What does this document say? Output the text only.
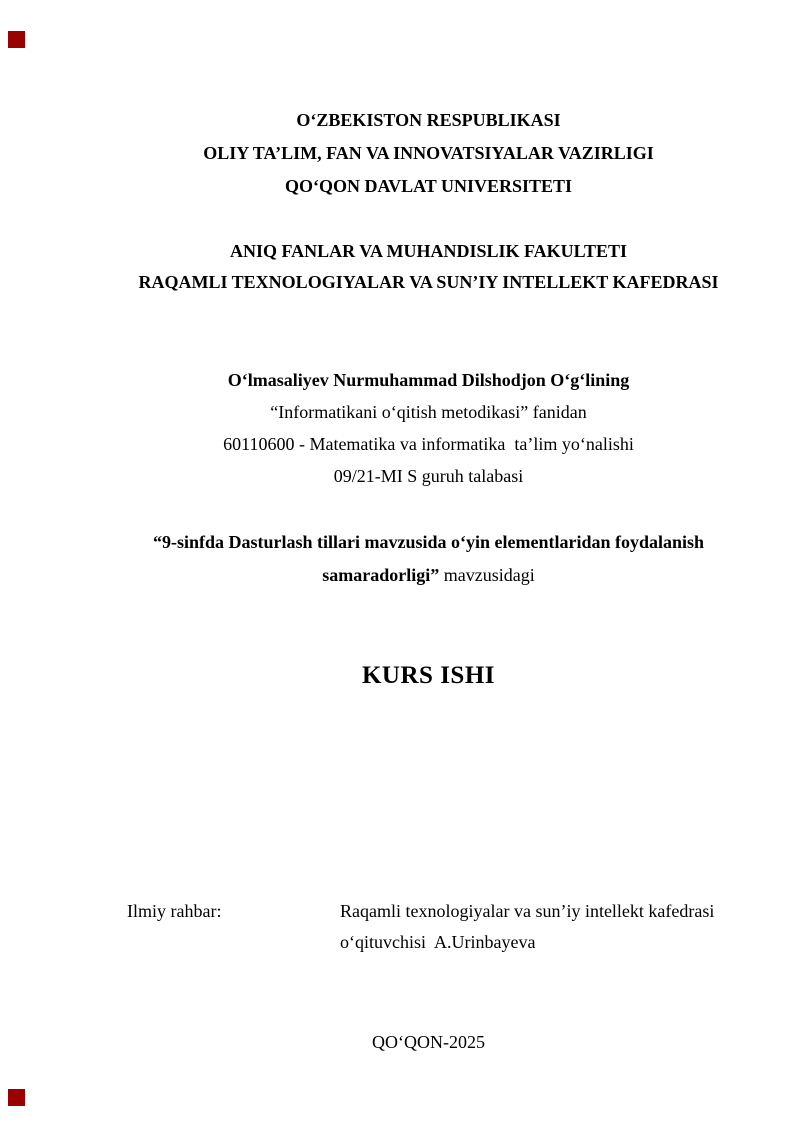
O‘ZBEKISTON RESPUBLIKASI
OLIY TA’LIM, FAN VA INNOVATSIYALAR VAZIRLIGI
QO‘QON DAVLAT UNIVERSITETI
ANIQ FANLAR VA MUHANDISLIK FAKULTETI
RAQAMLI TEXNOLOGIYALAR VA SUN’IY INTELLEKT KAFEDRASI
O‘lmasaliyev Nurmuhammad Dilshodjon O‘g‘lining
“Informatikani o‘qitish metodikasi” fanidan
60110600 - Matematika va informatika  ta’lim yo‘nalishi
09/21-MI S guruh talabasi
“9-sinfda Dasturlash tillari mavzusida o‘yin elementlaridan foydalanish
samaradorligi” mavzusidagi
KURS ISHI
Ilmiy rahbar:	Raqamli texnologiyalar va sun’iy intellekt kafedrasi
o‘qituvchisi  A.Urinbayeva
QO‘QON-2025
